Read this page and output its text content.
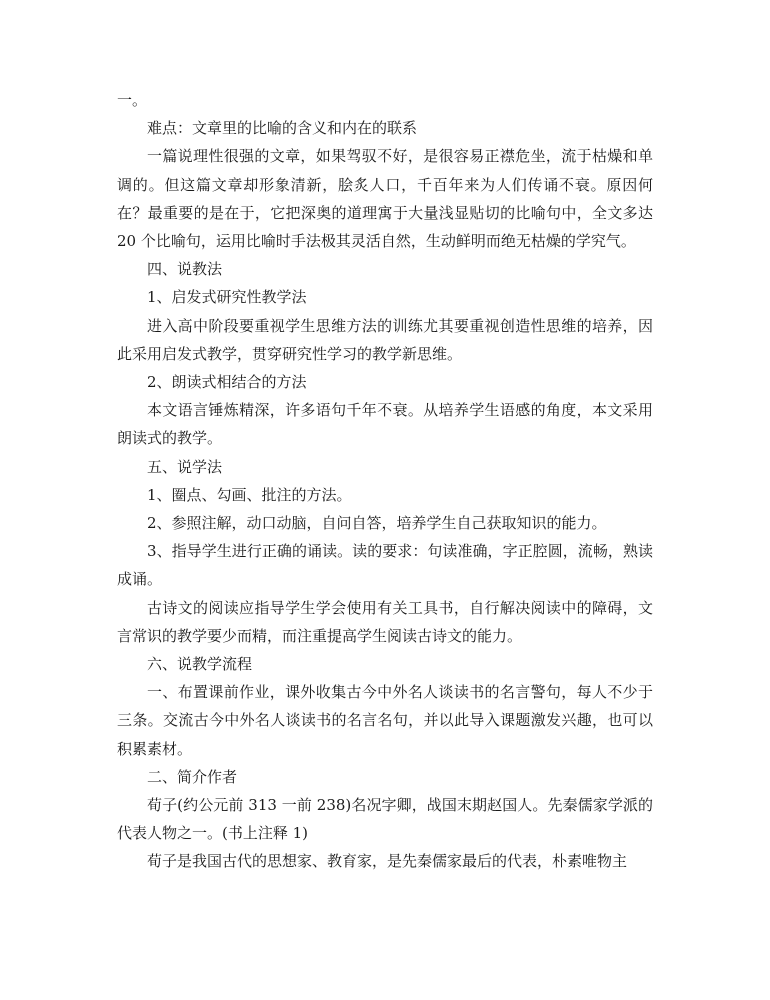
一。

难点：文章里的比喻的含义和内在的联系

一篇说理性很强的文章，如果驾驭不好，是很容易正襟危坐，流于枯燥和单调的。但这篇文章却形象清新，脍炙人口，千百年来为人们传诵不衰。原因何在？最重要的是在于，它把深奥的道理寓于大量浅显贴切的比喻句中，全文多达 20 个比喻句，运用比喻时手法极其灵活自然，生动鲜明而绝无枯燥的学究气。

四、说教法

1、启发式研究性教学法

进入高中阶段要重视学生思维方法的训练尤其要重视创造性思维的培养，因此采用启发式教学，贯穿研究性学习的教学新思维。

2、朗读式相结合的方法

本文语言锤炼精深，许多语句千年不衰。从培养学生语感的角度，本文采用朗读式的教学。

五、说学法

1、圈点、勾画、批注的方法。

2、参照注解，动口动脑，自问自答，培养学生自己获取知识的能力。

3、指导学生进行正确的诵读。读的要求：句读准确，字正腔圆，流畅，熟读成诵。

古诗文的阅读应指导学生学会使用有关工具书，自行解决阅读中的障碍，文言常识的教学要少而精，而注重提高学生阅读古诗文的能力。

六、说教学流程

一、布置课前作业，课外收集古今中外名人谈读书的名言警句，每人不少于三条。交流古今中外名人谈读书的名言名句，并以此导入课题激发兴趣，也可以积累素材。

二、简介作者

荀子(约公元前 313 一前 238)名况字卿，战国末期赵国人。先秦儒家学派的代表人物之一。(书上注释 1)

荀子是我国古代的思想家、教育家，是先秦儒家最后的代表，朴素唯物主
